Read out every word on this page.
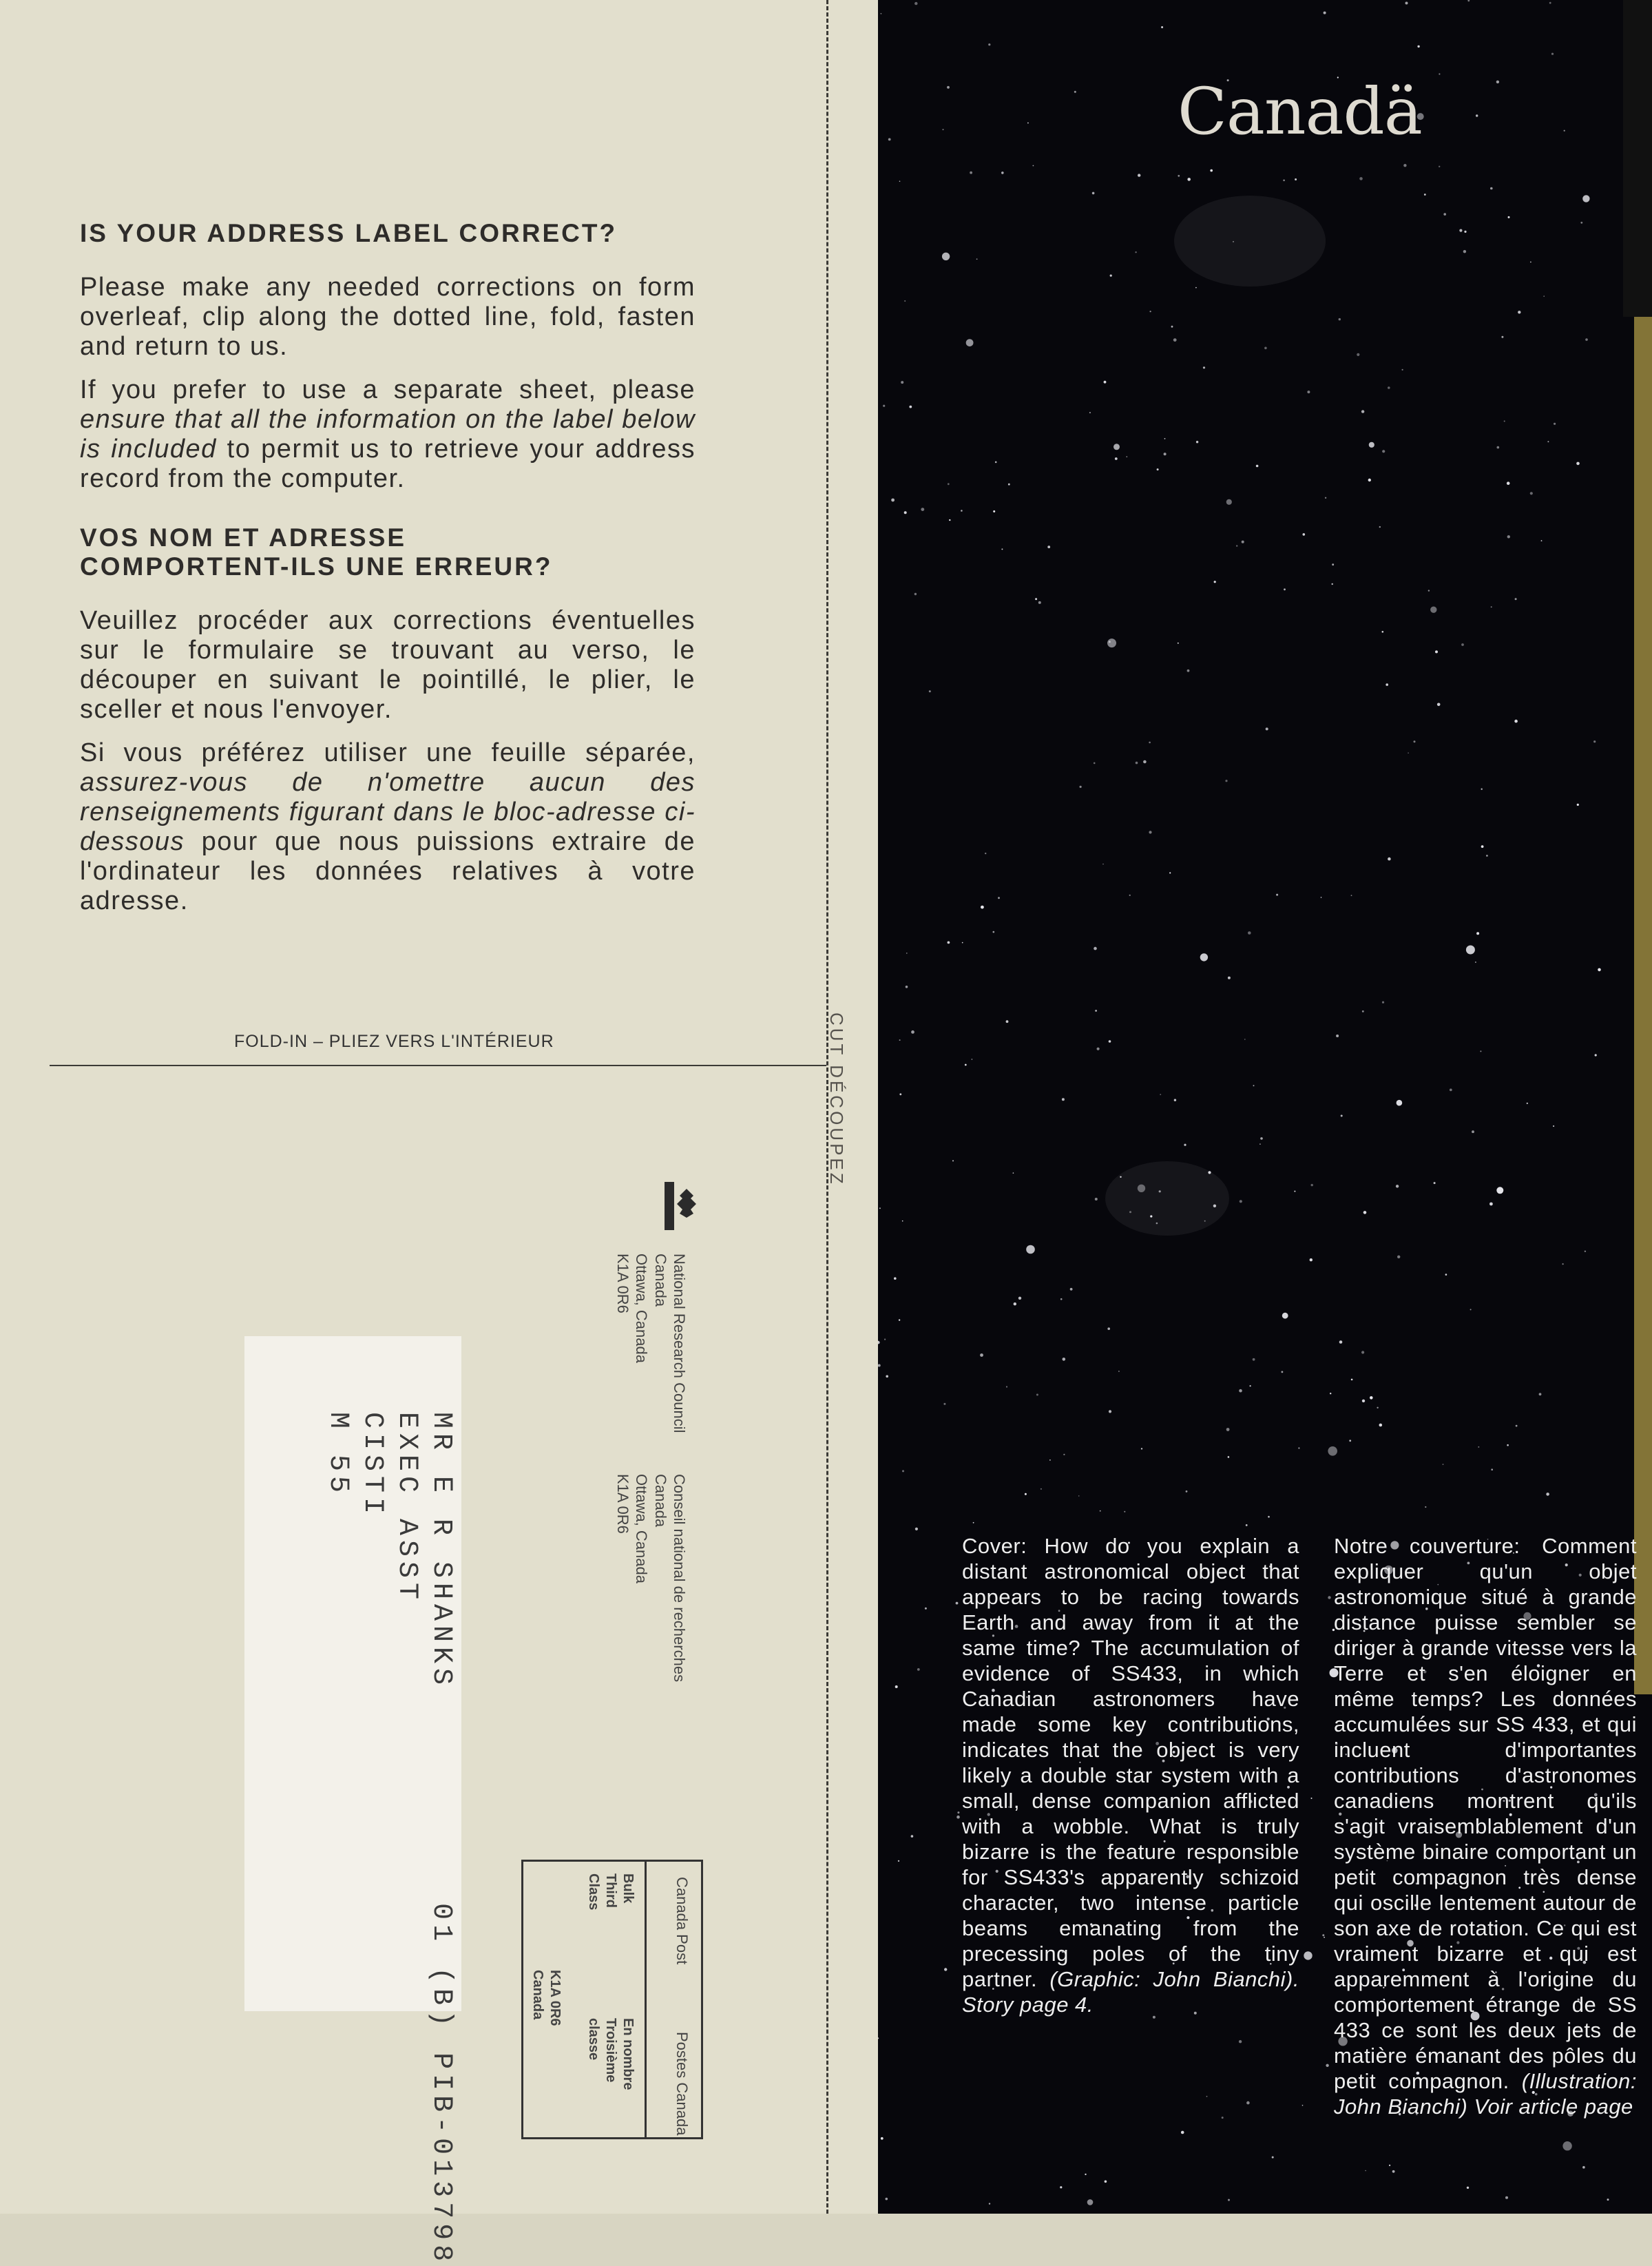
IS YOUR ADDRESS LABEL CORRECT?

Please make any needed corrections on form overleaf, clip along the dotted line, fold, fasten and return to us.

If you prefer to use a separate sheet, please ensure that all the information on the label below is included to permit us to retrieve your address record from the computer.

VOS NOM ET ADRESSE
COMPORTENT-ILS UNE ERREUR?

Veuillez procéder aux corrections éventuelles sur le formulaire se trouvant au verso, le découper en suivant le pointillé, le plier, le sceller et nous l'envoyer.

Si vous préférez utiliser une feuille séparée, assurez-vous de n'omettre aucun des renseignements figurant dans le bloc-adresse ci-dessous pour que nous puissions extraire de l'ordinateur les données relatives à votre adresse.

FOLD-IN – PLIEZ VERS L'INTÉRIEUR	CUT DÉCOUPEZ
National Research Council
Canada
Ottawa, Canada
K1A 0R6
Conseil national de recherches
Canada
Ottawa, Canada
K1A 0R6
MR E R SHANKS          01 (B) PIB-013798
EXEC ASST
CISTI
M 55
Canada Post
Postes Canada
Bulk
Third
Class
En nombre
Troisième
classe
K1A 0R6
Canada
Canadä
Cover: How do you explain a distant astronomical object that appears to be racing towards Earth and away from it at the same time? The accumulation of evidence of SS433, in which Canadian astronomers have made some key contributions, indicates that the object is very likely a double star system with a small, dense companion afflicted with a wobble. What is truly bizarre is the feature responsible for SS433's apparently schizoid character, two intense particle beams emanating from the precessing poles of the tiny partner. (Graphic: John Bianchi). Story page 4.
Notre couverture: Comment expliquer qu'un objet astronomique situé à grande distance puisse sembler se diriger à grande vitesse vers la Terre et s'en éloigner en même temps? Les données accumulées sur SS 433, et qui incluent d'importantes contributions d'astronomes canadiens montrent qu'ils s'agit vraisemblablement d'un système binaire comportant un petit compagnon très dense qui oscille lentement autour de son axe de rotation. Ce qui est vraiment bizarre et qui est apparemment à l'origine du comportement étrange de SS 433 ce sont les deux jets de matière émanant des pôles du petit compagnon. (Illustration: John Bianchi) Voir article page
